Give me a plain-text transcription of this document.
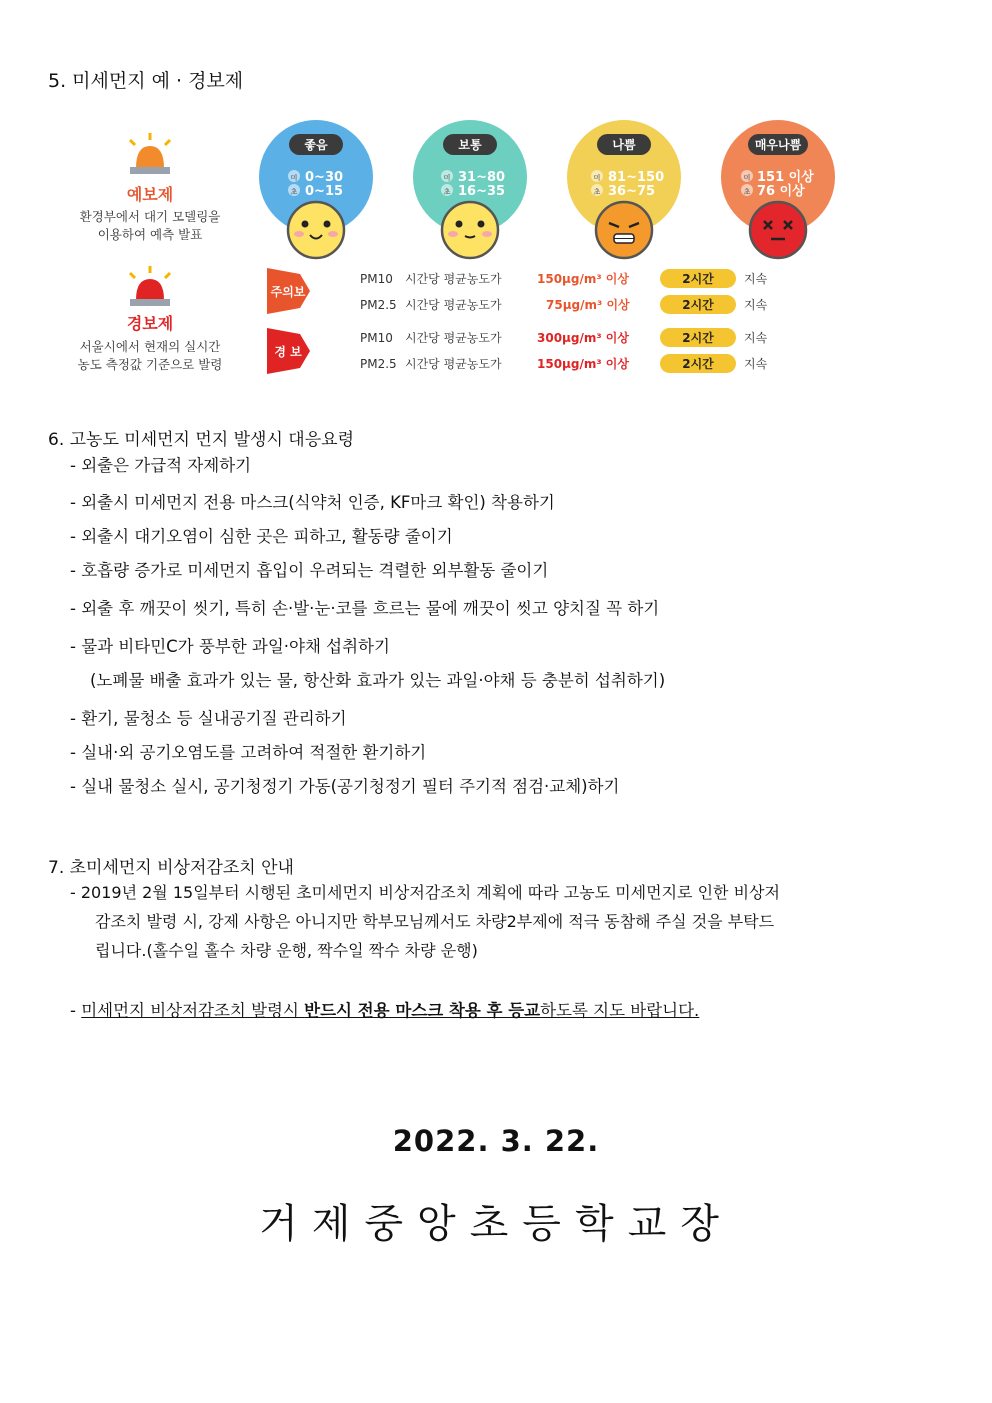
5. 미세먼지 예 · 경보제
예보제
환경부에서 대기 모델링을
이용하여 예측 발표
좋음
미 0~30
초 0~15
보통
미 31~80
초 16~35
나쁨
미 81~150
초 36~75
매우나쁨
미 151 이상
초 76 이상
경보제
서울시에서 현재의 실시간
농도 측정값 기준으로 발령
주의보
경 보
PM10 시간당 평균농도가	150μg/m³ 이상	2시간	지속
PM2.5 시간당 평균농도가	75μg/m³ 이상	2시간	지속
PM10 시간당 평균농도가	300μg/m³ 이상	2시간	지속
PM2.5 시간당 평균농도가	150μg/m³ 이상	2시간	지속
6. 고농도 미세먼지 먼지 발생시 대응요령
- 외출은 가급적 자제하기
- 외출시 미세먼지 전용 마스크(식약처 인증, KF마크 확인) 착용하기
- 외출시 대기오염이 심한 곳은 피하고, 활동량 줄이기
- 호흡량 증가로 미세먼지 흡입이 우려되는 격렬한 외부활동 줄이기
- 외출 후 깨끗이 씻기, 특히 손·발·눈·코를 흐르는 물에 깨끗이 씻고 양치질 꼭 하기
- 물과 비타민C가 풍부한 과일·야채 섭취하기
(노폐물 배출 효과가 있는 물, 항산화 효과가 있는 과일·야채 등 충분히 섭취하기)
- 환기, 물청소 등 실내공기질 관리하기
- 실내·외 공기오염도를 고려하여 적절한 환기하기
- 실내 물청소 실시, 공기청정기 가동(공기청정기 필터 주기적 점검·교체)하기
7. 초미세먼지 비상저감조치 안내
- 2019년 2월 15일부터 시행된 초미세먼지 비상저감조치 계획에 따라 고농도 미세먼지로 인한 비상저
감조치 발령 시, 강제 사항은 아니지만 학부모님께서도 차량2부제에 적극 동참해 주실 것을 부탁드
립니다.(홀수일 홀수 차량 운행, 짝수일 짝수 차량 운행)
- 미세먼지 비상저감조치 발령시 반드시 전용 마스크 착용 후 등교하도록 지도 바랍니다.
2022. 3. 22.
거제중앙초등학교장
